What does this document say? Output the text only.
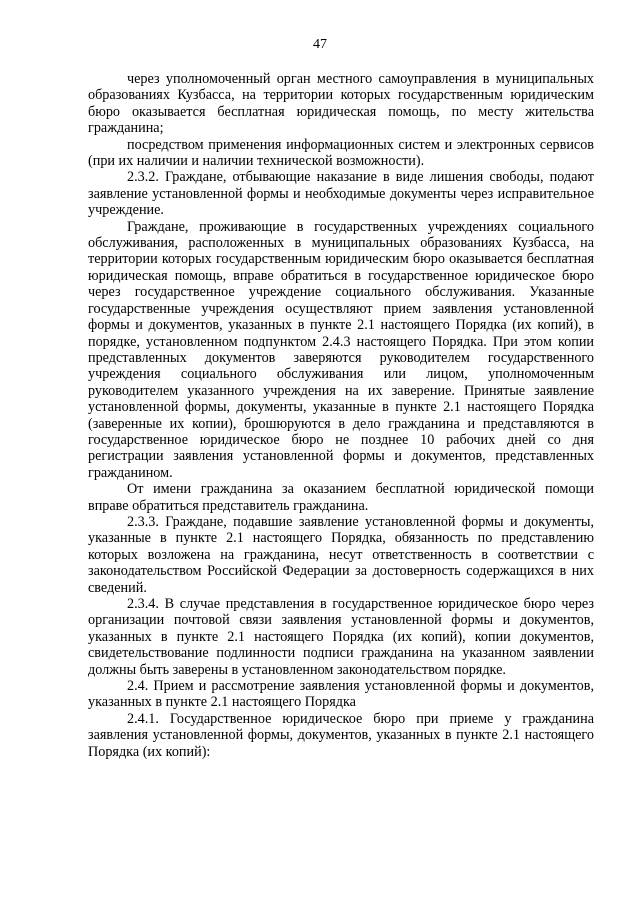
47

через уполномоченный орган местного самоуправления в муниципальных образованиях Кузбасса, на территории которых государственным юридическим бюро оказывается бесплатная юридическая помощь, по месту жительства гражданина;

посредством применения информационных систем и электронных сервисов (при их наличии и наличии технической возможности).

2.3.2. Граждане, отбывающие наказание в виде лишения свободы, подают заявление установленной формы и необходимые документы через исправительное учреждение.

Граждане, проживающие в государственных учреждениях социального обслуживания, расположенных в муниципальных образованиях Кузбасса, на территории которых государственным юридическим бюро оказывается бесплатная юридическая помощь, вправе обратиться в государственное юридическое бюро через государственное учреждение социального обслуживания. Указанные государственные учреждения осуществляют прием заявления установленной формы и документов, указанных в пункте 2.1 настоящего Порядка (их копий), в порядке, установленном подпунктом 2.4.3 настоящего Порядка. При этом копии представленных документов заверяются руководителем государственного учреждения социального обслуживания или лицом, уполномоченным руководителем указанного учреждения на их заверение. Принятые заявление установленной формы, документы, указанные в пункте 2.1 настоящего Порядка (заверенные их копии), брошюруются в дело гражданина и представляются в государственное юридическое бюро не позднее 10 рабочих дней со дня регистрации заявления установленной формы и документов, представленных гражданином.

От имени гражданина за оказанием бесплатной юридической помощи вправе обратиться представитель гражданина.

2.3.3. Граждане, подавшие заявление установленной формы и документы, указанные в пункте 2.1 настоящего Порядка, обязанность по представлению которых возложена на гражданина, несут ответственность в соответствии с законодательством Российской Федерации за достоверность содержащихся в них сведений.

2.3.4. В случае представления в государственное юридическое бюро через организации почтовой связи заявления установленной формы и документов, указанных в пункте 2.1 настоящего Порядка (их копий), копии документов, свидетельствование подлинности подписи гражданина на указанном заявлении должны быть заверены в установленном законодательством порядке.

2.4. Прием и рассмотрение заявления установленной формы и документов, указанных в пункте 2.1 настоящего Порядка

2.4.1. Государственное юридическое бюро при приеме у гражданина заявления установленной формы, документов, указанных в пункте 2.1 настоящего Порядка (их копий):
